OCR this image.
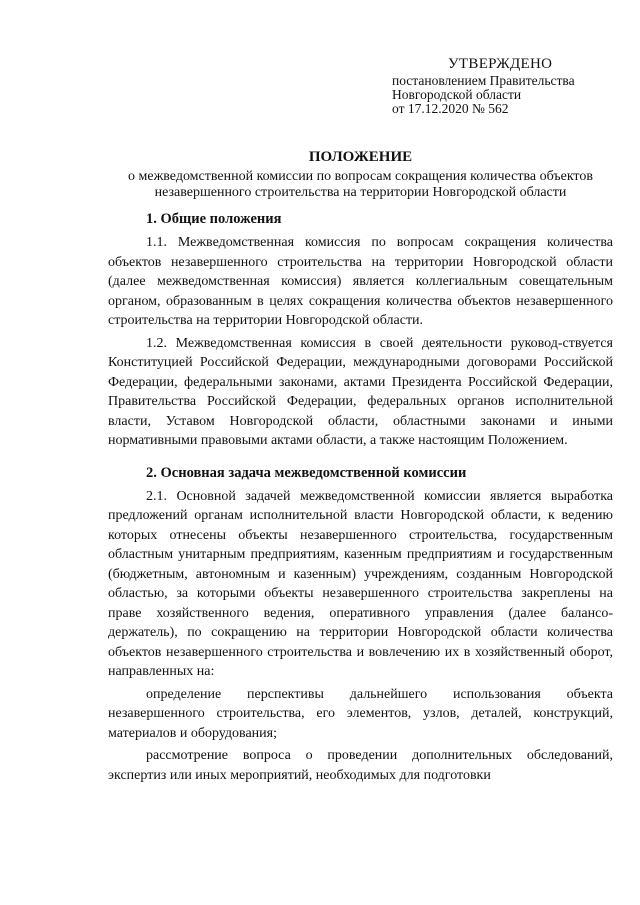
УТВЕРЖДЕНО
постановлением Правительства
Новгородской области
от 17.12.2020 № 562
ПОЛОЖЕНИЕ
о межведомственной комиссии по вопросам сокращения количества объектов незавершенного строительства на территории Новгородской области
1. Общие положения

1.1. Межведомственная комиссия по вопросам сокращения количества объектов незавершенного строительства на территории Новгородской области (далее межведомственная комиссия) является коллегиальным совещательным органом, образованным в целях сокращения количества объектов незавершенного строительства на территории Новгородской области.

1.2. Межведомственная комиссия в своей деятельности руковод-ствуется Конституцией Российской Федерации, международными договорами Российской Федерации, федеральными законами, актами Президента Российской Федерации, Правительства Российской Федерации, федеральных органов исполнительной власти, Уставом Новгородской области, областными законами и иными нормативными правовыми актами области, а также настоящим Положением.

2. Основная задача межведомственной комиссии

2.1. Основной задачей межведомственной комиссии является выработка предложений органам исполнительной власти Новгородской области, к ведению которых отнесены объекты незавершенного строительства, государственным областным унитарным предприятиям, казенным предприятиям и государственным (бюджетным, автономным и казенным) учреждениям, созданным Новгородской областью, за которыми объекты незавершенного строительства закреплены на праве хозяйственного ведения, оперативного управления (далее балансо-держатель), по сокращению на территории Новгородской области количества объектов незавершенного строительства и вовлечению их в хозяйственный оборот, направленных на:

определение перспективы дальнейшего использования объекта незавершенного строительства, его элементов, узлов, деталей, конструкций, материалов и оборудования;

рассмотрение вопроса о проведении дополнительных обследований, экспертиз или иных мероприятий, необходимых для подготовки
